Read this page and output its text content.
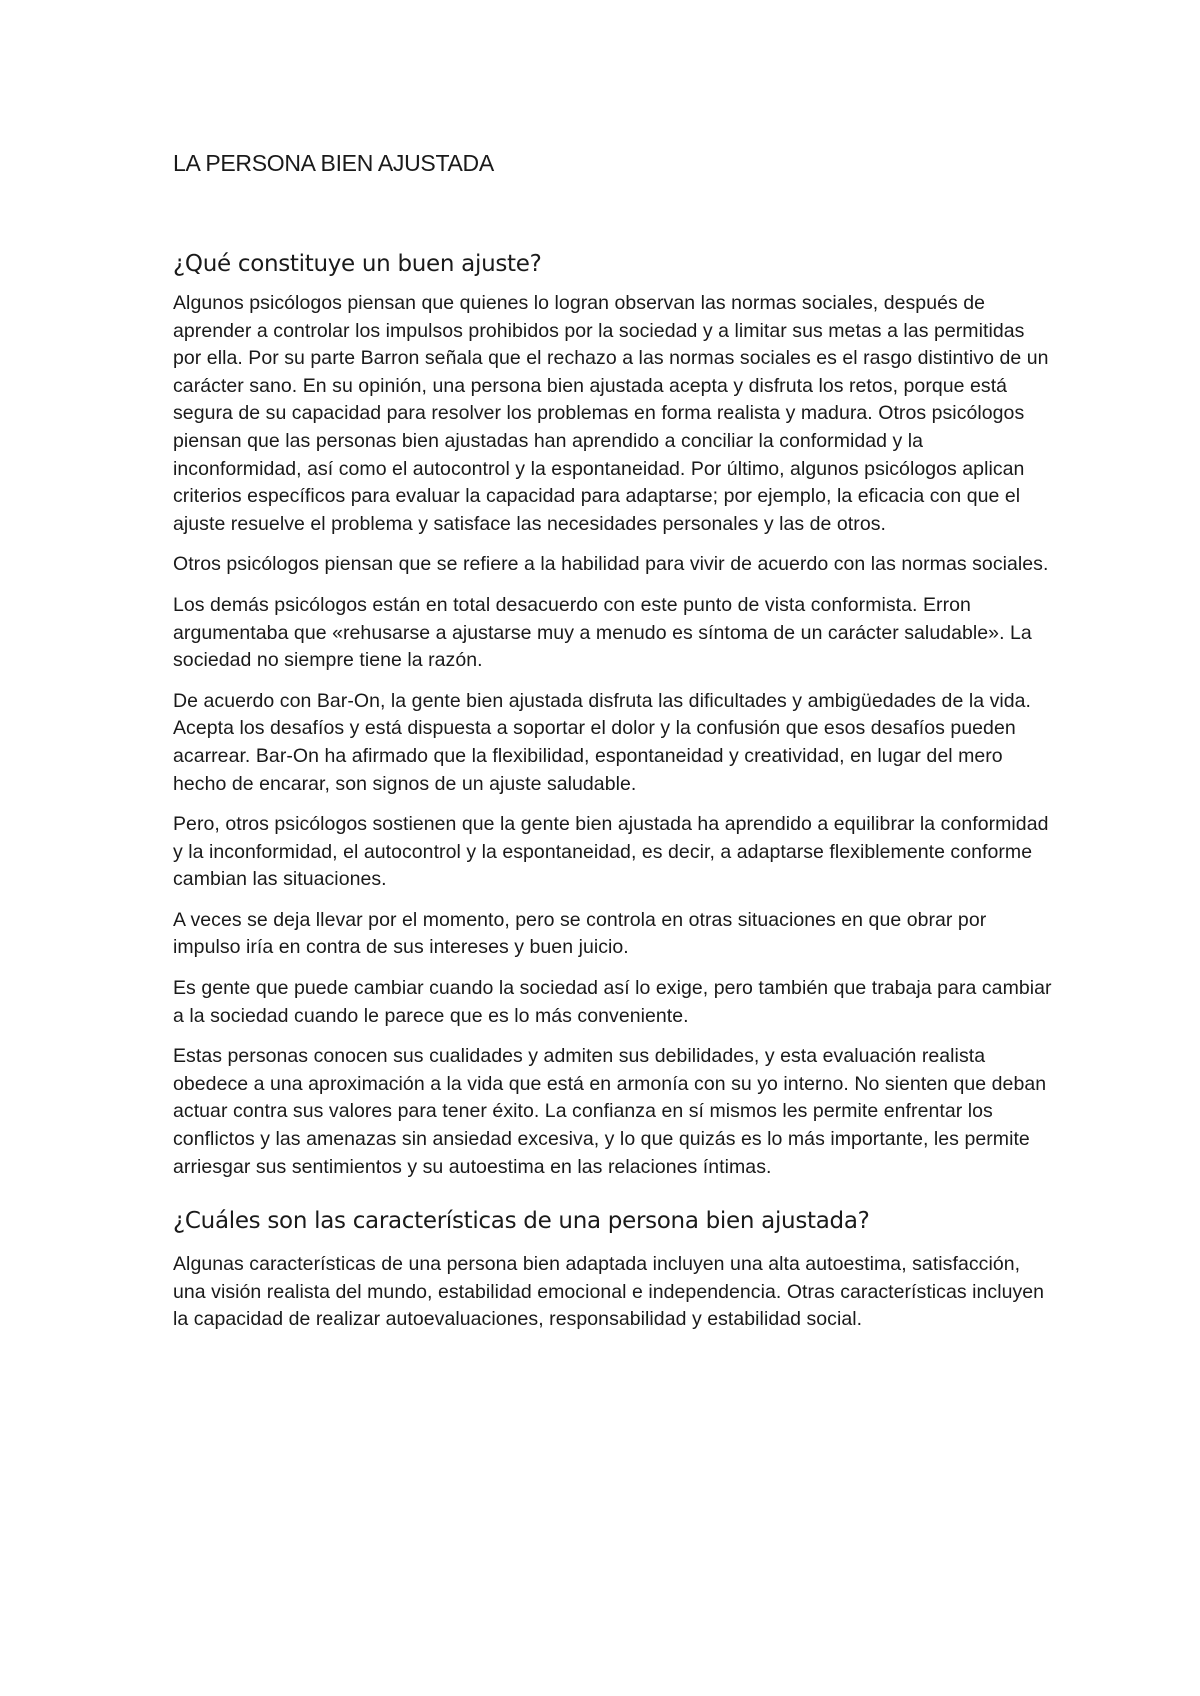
LA PERSONA BIEN AJUSTADA
¿Qué constituye un buen ajuste?

Algunos psicólogos piensan que quienes lo logran observan las normas sociales, después de aprender a controlar los impulsos prohibidos por la sociedad y a limitar sus metas a las permitidas por ella. Por su parte Barron señala que el rechazo a las normas sociales es el rasgo distintivo de un carácter sano. En su opinión, una persona bien ajustada acepta y disfruta los retos, porque está segura de su capacidad para resolver los problemas en forma realista y madura. Otros psicólogos piensan que las personas bien ajustadas han aprendido a conciliar la conformidad y la inconformidad, así como el autocontrol y la espontaneidad. Por último, algunos psicólogos aplican criterios específicos para evaluar la capacidad para adaptarse; por ejemplo, la eficacia con que el ajuste resuelve el problema y satisface las necesidades personales y las de otros.

Otros psicólogos piensan que se refiere a la habilidad para vivir de acuerdo con las normas sociales.

Los demás psicólogos están en total desacuerdo con este punto de vista conformista. Erron argumentaba que «rehusarse a ajustarse muy a menudo es síntoma de un carácter saludable». La sociedad no siempre tiene la razón.

De acuerdo con Bar-On, la gente bien ajustada disfruta las dificultades y ambigüedades de la vida. Acepta los desafíos y está dispuesta a soportar el dolor y la confusión que esos desafíos pueden acarrear. Bar-On ha afirmado que la flexibilidad, espontaneidad y creatividad, en lugar del mero hecho de encarar, son signos de un ajuste saludable.

Pero, otros psicólogos sostienen que la gente bien ajustada ha aprendido a equilibrar la conformidad y la inconformidad, el autocontrol y la espontaneidad, es decir, a adaptarse flexiblemente conforme cambian las situaciones.

A veces se deja llevar por el momento, pero se controla en otras situaciones en que obrar por impulso iría en contra de sus intereses y buen juicio.

Es gente que puede cambiar cuando la sociedad así lo exige, pero también que trabaja para cambiar a la sociedad cuando le parece que es lo más conveniente.

Estas personas conocen sus cualidades y admiten sus debilidades, y esta evaluación realista obedece a una aproximación a la vida que está en armonía con su yo interno. No sienten que deban actuar contra sus valores para tener éxito. La confianza en sí mismos les permite enfrentar los conflictos y las amenazas sin ansiedad excesiva, y lo que quizás es lo más importante, les permite arriesgar sus sentimientos y su autoestima en las relaciones íntimas.

¿Cuáles son las características de una persona bien ajustada?

Algunas características de una persona bien adaptada incluyen una alta autoestima, satisfacción, una visión realista del mundo, estabilidad emocional e independencia. Otras características incluyen la capacidad de realizar autoevaluaciones, responsabilidad y estabilidad social.
